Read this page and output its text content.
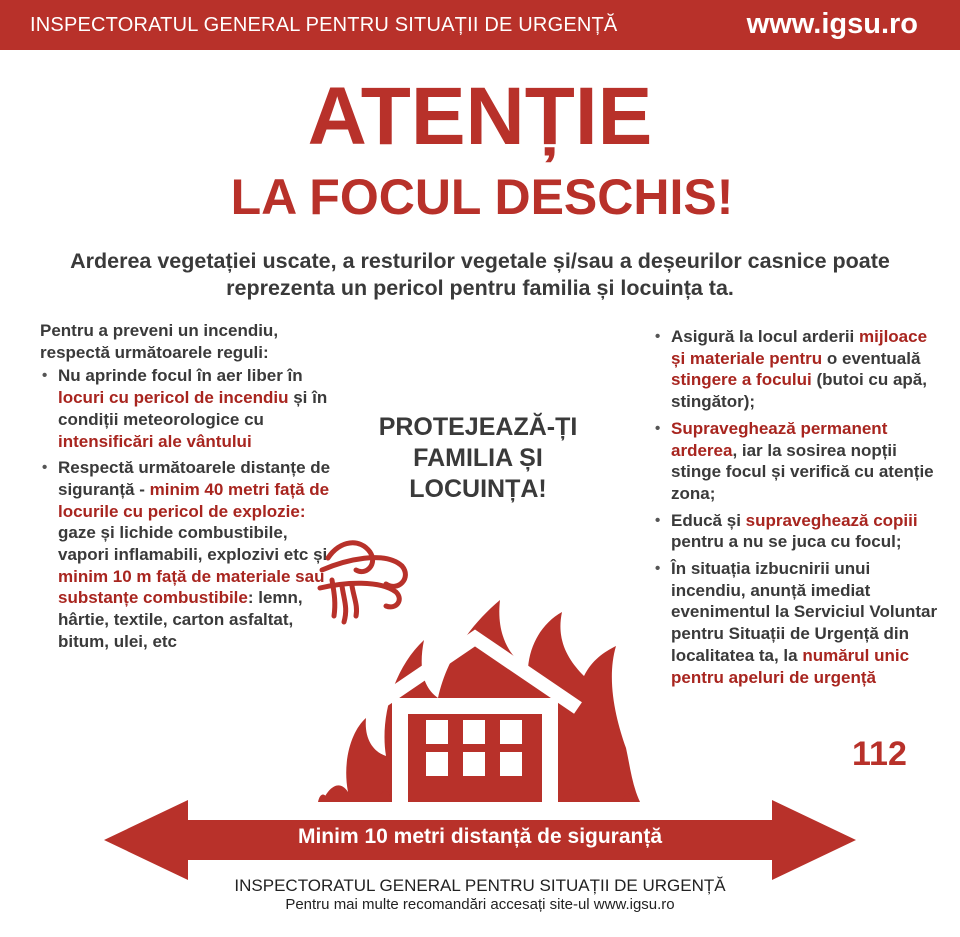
INSPECTORATUL GENERAL PENTRU SITUAȚII DE URGENȚĂ	www.igsu.ro
ATENȚIE
LA FOCUL DESCHIS!
Arderea vegetației uscate, a resturilor vegetale și/sau a deșeurilor casnice poate reprezenta un pericol pentru familia și locuința ta.

Pentru a preveni un incendiu, respectă următoarele reguli:

• Nu aprinde focul în aer liber în locuri cu pericol de incendiu și în condiții meteorologice cu intensificări ale vântului
• Respectă următoarele distanțe de siguranță - minim 40 metri față de locurile cu pericol de explozie: gaze și lichide combustibile, vapori inflamabili, explozivi etc și minim 10 m față de materiale sau substanțe combustibile: lemn, hârtie, textile, carton asfaltat, bitum, ulei, etc
• Asigură la locul arderii mijloace și materiale pentru o eventuală stingere a focului (butoi cu apă, stingător);
• Supraveghează permanent arderea, iar la sosirea nopții stinge focul și verifică cu atenție zona;
• Educă și supraveghează copiii pentru a nu se juca cu focul;
• În situația izbucnirii unui incendiu, anunță imediat evenimentul la Serviciul Voluntar pentru Situații de Urgență din localitatea ta, la numărul unic pentru apeluri de urgență
112
PROTEJEAZĂ-ȚI FAMILIA ȘI LOCUINȚA!
Minim 10 metri distanță de siguranță
INSPECTORATUL GENERAL PENTRU SITUAȚII DE URGENȚĂ
Pentru mai multe recomandări accesați site-ul www.igsu.ro
